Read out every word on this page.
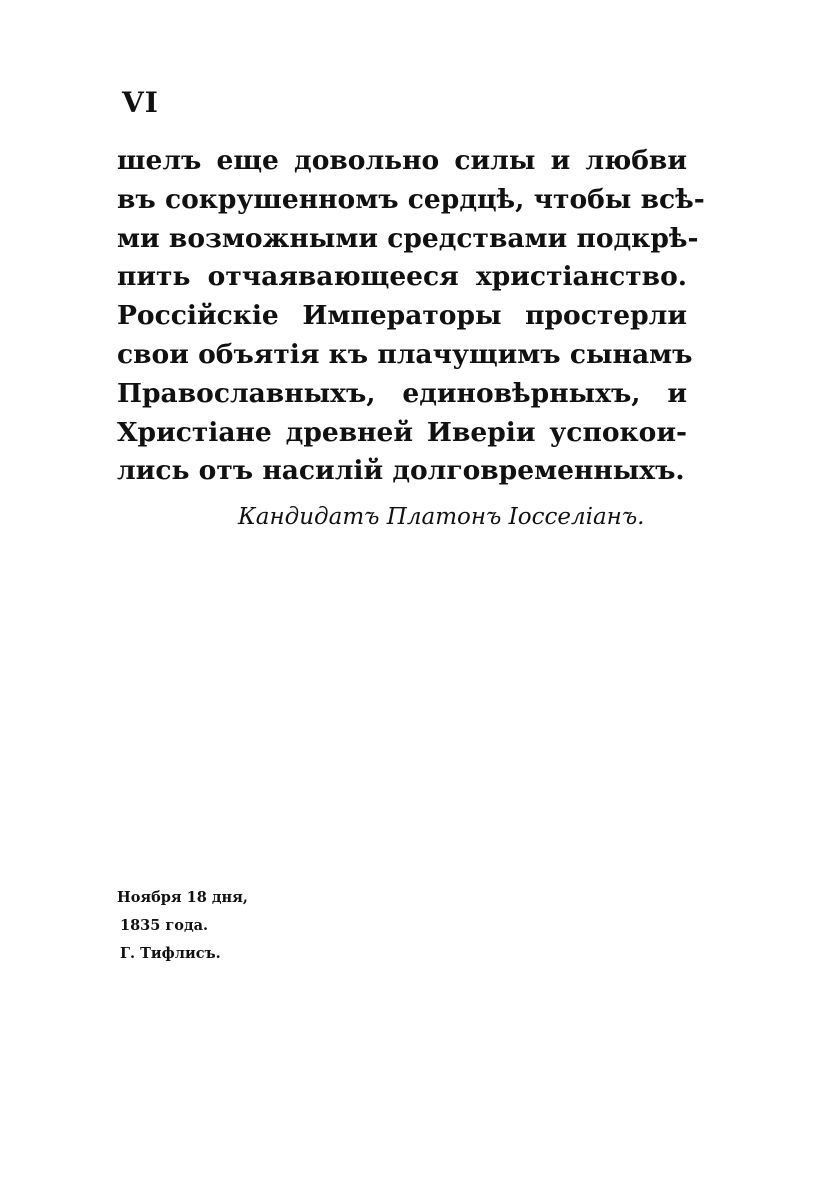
VI
шелъ еще довольно силы и любви
въ сокрушенномъ сердцѣ, чтобы всѣ-
ми возможными средствами подкрѣ-
пить отчаявающееся христіанство.
Россійскіе Императоры простерли
свои объятія къ плачущимъ сынамъ
Православныхъ, единовѣрныхъ, и
Христіане древней Иверіи успокои-
лись отъ насилій долговременныхъ.
Кандидатъ Платонъ Іосселіанъ.
Ноября 18 дня,
1835 года.
Г. Тифлисъ.
